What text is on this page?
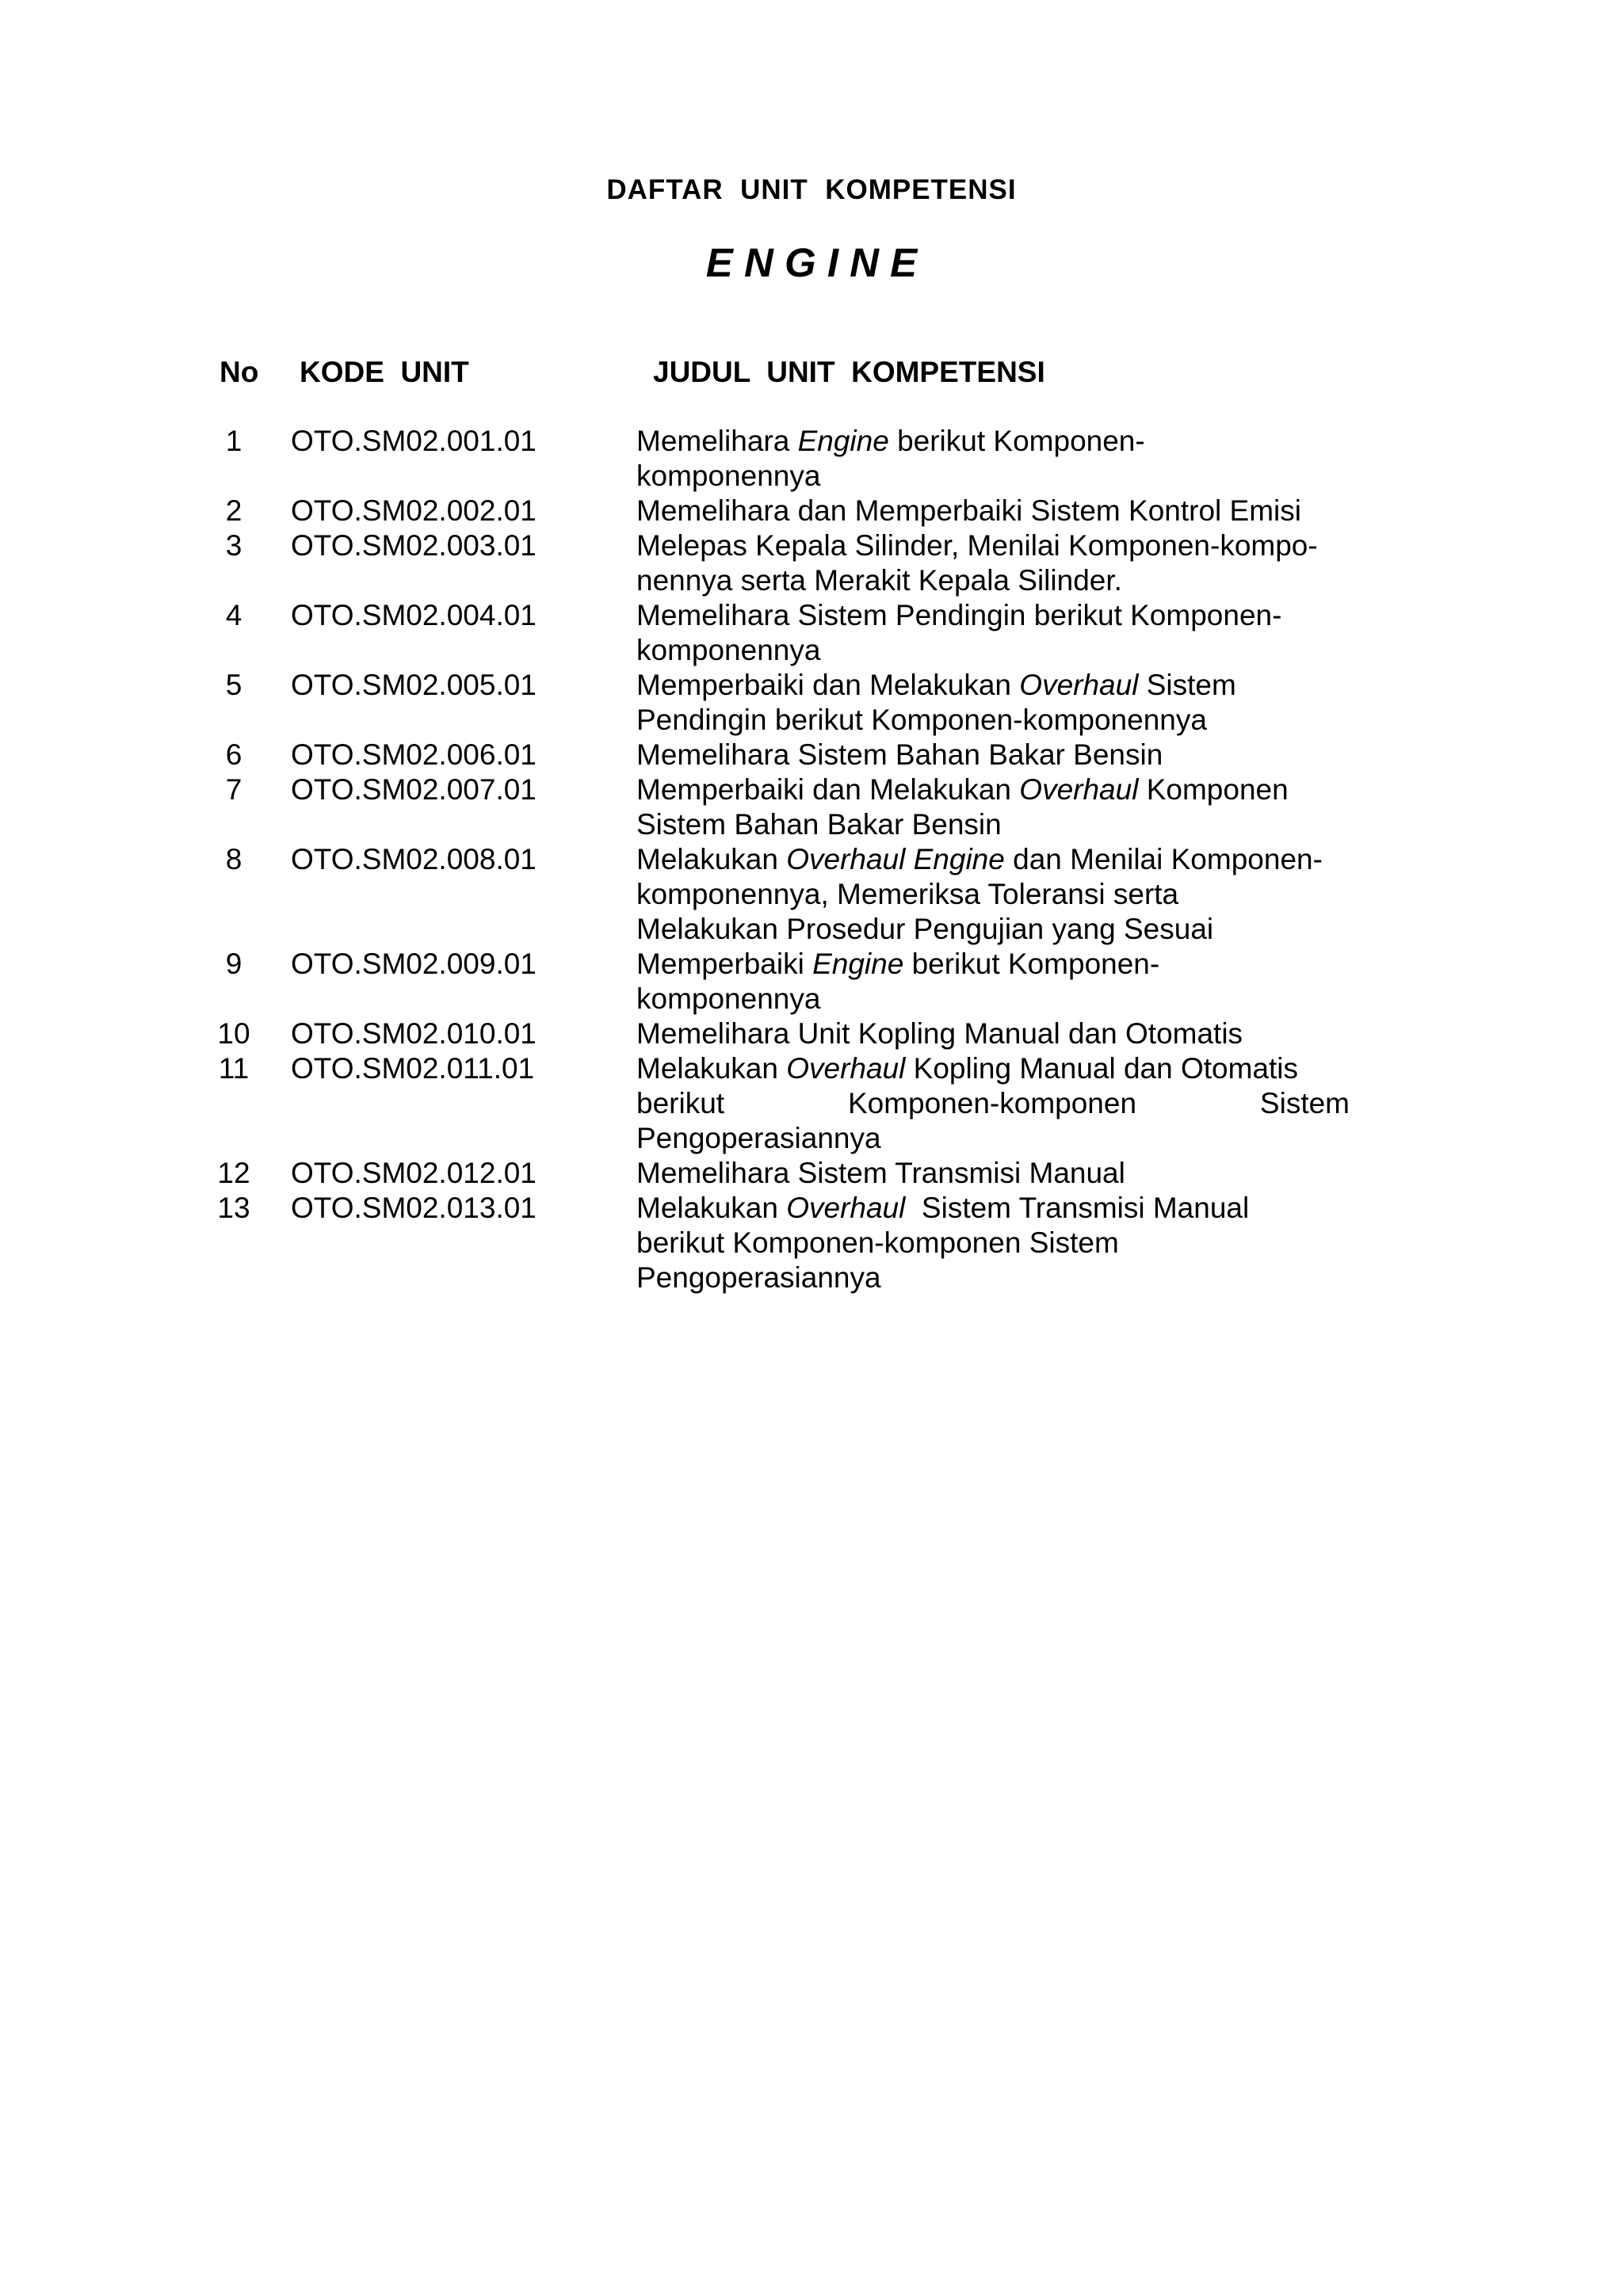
DAFTAR  UNIT  KOMPETENSI
E N G I N E
No KODE  UNIT	JUDUL  UNIT  KOMPETENSI
1	OTO.SM02.001.01	Memelihara Engine berikut Komponen-
komponennya
2	OTO.SM02.002.01	Memelihara dan Memperbaiki Sistem Kontrol Emisi
3	OTO.SM02.003.01	Melepas Kepala Silinder, Menilai Komponen-kompo-
nennya serta Merakit Kepala Silinder.
4	OTO.SM02.004.01	Memelihara Sistem Pendingin berikut Komponen-
komponennya
5	OTO.SM02.005.01	Memperbaiki dan Melakukan Overhaul Sistem
Pendingin berikut Komponen-komponennya
6	OTO.SM02.006.01	Memelihara Sistem Bahan Bakar Bensin
7	OTO.SM02.007.01	Memperbaiki dan Melakukan Overhaul Komponen
Sistem Bahan Bakar Bensin
8	OTO.SM02.008.01	Melakukan Overhaul Engine dan Menilai Komponen-
komponennya, Memeriksa Toleransi serta
Melakukan Prosedur Pengujian yang Sesuai
9	OTO.SM02.009.01	Memperbaiki Engine berikut Komponen-
komponennya
10	OTO.SM02.010.01	Memelihara Unit Kopling Manual dan Otomatis
11	OTO.SM02.011.01	Melakukan Overhaul Kopling Manual dan Otomatis
berikut	Komponen-komponen	Sistem
Pengoperasiannya
12	OTO.SM02.012.01	Memelihara Sistem Transmisi Manual
13	OTO.SM02.013.01	Melakukan Overhaul  Sistem Transmisi Manual
berikut Komponen-komponen Sistem
Pengoperasiannya
